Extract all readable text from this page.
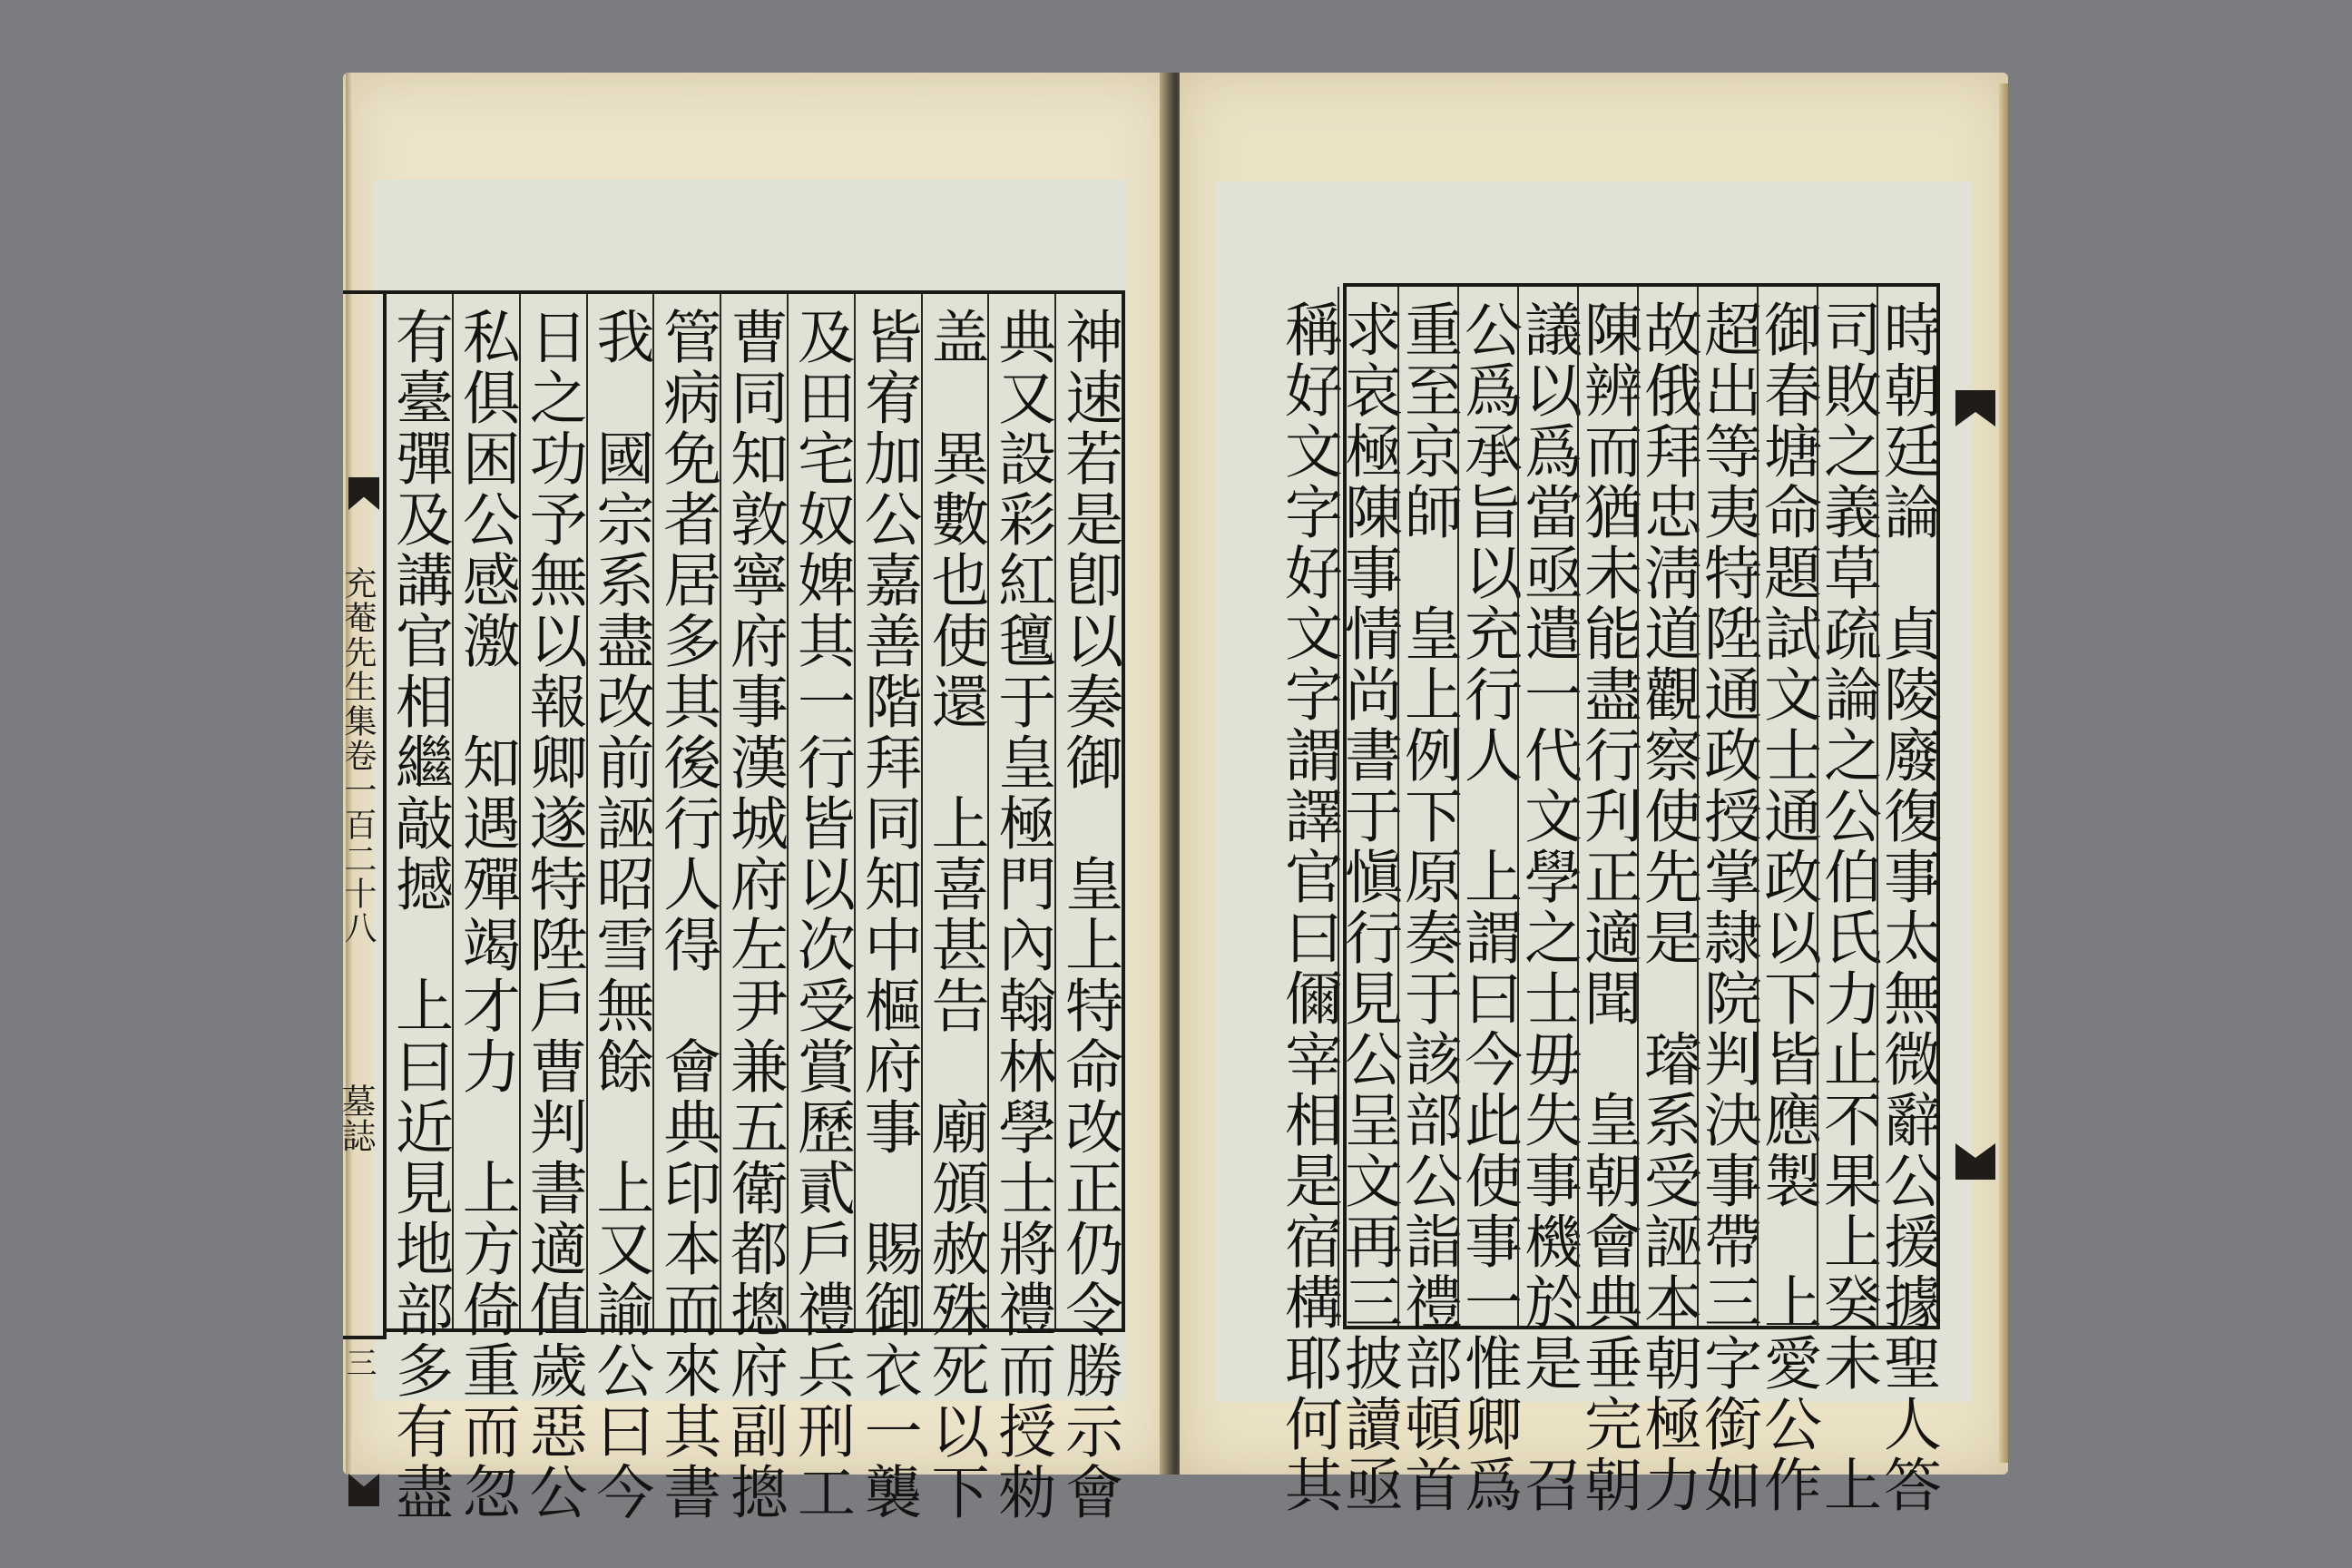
充菴先生集卷一百二十八
墓誌
三	神速若是卽以奏御　皇上特命改正仍令勝示會
典又設彩紅氊于皇極門內翰林學士將禮而授勑
盖　異數也使還　上喜甚告　廟頒赦殊死以下
皆宥加公嘉善階拜同知中樞府事　賜御衣一襲
及田宅奴婢其一行皆以次受賞歷貳戶禮兵刑工
曹同知敦寧府事漢城府左尹兼五衛都摠府副摠
管病免者居多其後行人得　會典印本而來其書
我　國宗系盡改前誣昭雪無餘　上又諭公曰今
日之功予無以報卿遂特陞戶曹判書適值歲惡公
私俱困公感激　知遇殫竭才力　上方倚重而忽
有臺彈及講官相繼敲撼　上曰近見地部多有盡	時朝廷論　貞陵廢復事太無微辭公援據聖人答
司敗之義草疏論之公伯氏力止不果上癸未　上
御春塘命題試文士通政以下皆應製　上愛公作
超出等夷特陞通政授掌隷院判決事帶三字銜如
故俄拜忠淸道觀察使先是　璿系受誣本朝極力
陳辨而猶未能盡行刋正適聞　皇朝會典垂完朝
議以爲當亟遣一代文學之士毋失事機於是　召
公爲承旨以充行人　上謂曰今此使事一惟卿爲
重至京師　皇上例下原奏于該部公詣禮部頓首
求哀極陳事情尚書于愼行見公呈文再三披讀亟
稱好文字好文字謂譯官曰儞宰相是宿構耶何其
